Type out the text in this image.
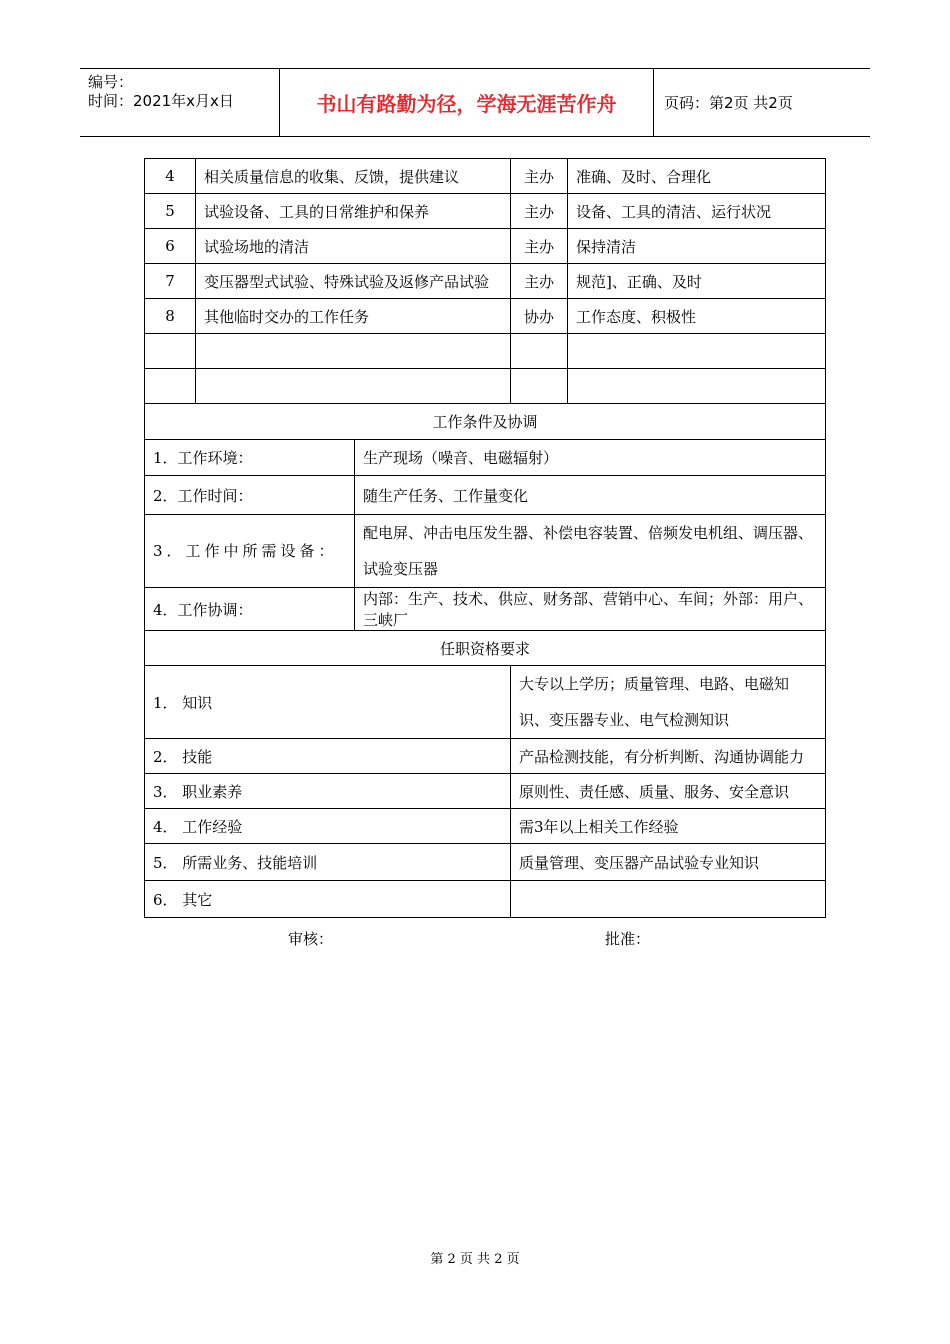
编号：
时间：2021年x月x日	书山有路勤为径，学海无涯苦作舟	页码：第2页 共2页
4	相关质量信息的收集、反馈，提供建议		主办	准确、及时、合理化
5	试验设备、工具的日常维护和保养		主办	设备、工具的清洁、运行状况
6	试验场地的清洁		主办	保持清洁
7	变压器型式试验、特殊试验及返修产品试验		主办	规范]、正确、及时
8	其他临时交办的工作任务		协办	工作态度、积极性

工作条件及协调				
1．工作环境：		生产现场（噪音、电磁辐射）		
2．工作时间：		随生产任务、工作量变化		
3．工作中所需设备：		配电屏、冲击电压发生器、补偿电容装置、倍频发电机组、调压器、试验变压器		
4．工作协调：		内部：生产、技术、供应、财务部、营销中心、车间；外部：用户、三峡厂		
任职资格要求				
1． 知识			大专以上学历；质量管理、电路、电磁知识、变压器专业、电气检测知识	
2． 技能			产品检测技能，有分析判断、沟通协调能力	
3． 职业素养			原则性、责任感、质量、服务、安全意识	
4． 工作经验			需3年以上相关工作经验	
5． 所需业务、技能培训			质量管理、变压器产品试验专业知识	
6． 其它				
审核：	批准：
第 2 页 共 2 页
